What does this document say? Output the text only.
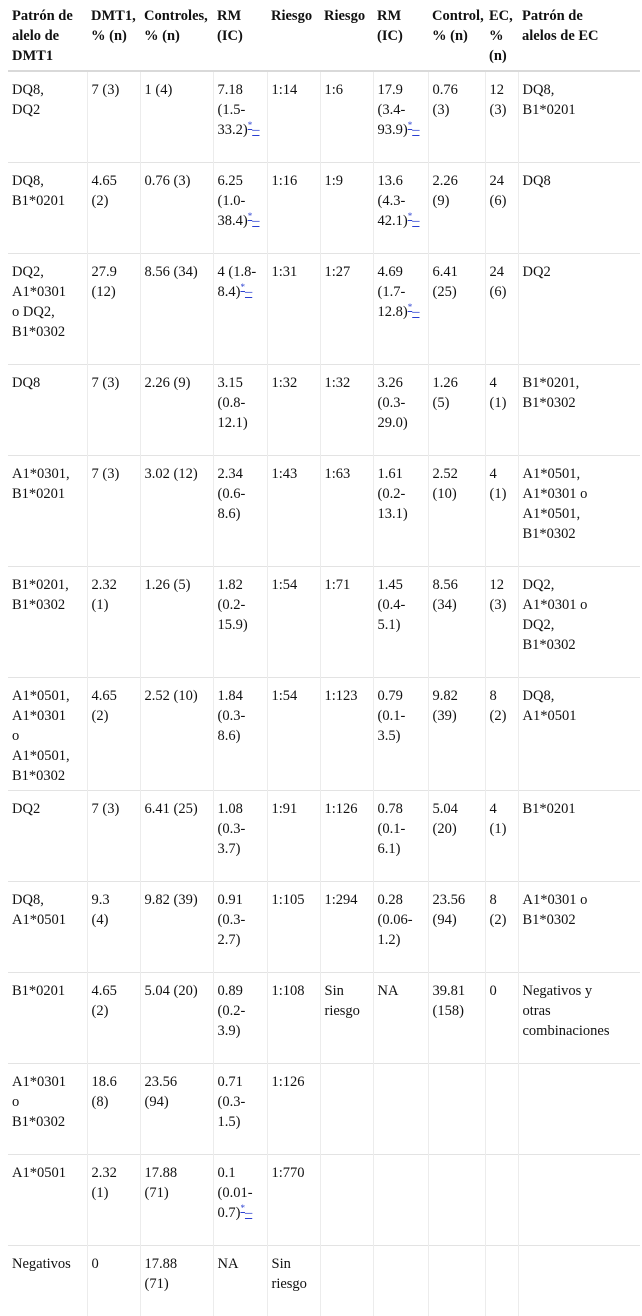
Patrón de
alelo de
DMT1	DMT1,
% (n)	Controles,
% (n)	RM
(IC)	Riesgo	Riesgo	RM
(IC)	Control,
% (n)	EC,
%
(n)	Patrón de
alelos de EC

DQ8,
DQ2	7 (3)	1 (4)	7.18
(1.5-
33.2)*–	1:14	1:6	17.9
(3.4-
93.9)*–	0.76
(3)	12
(3)	DQ8,
B1*0201

DQ8,
B1*0201	4.65
(2)	0.76 (3)	6.25
(1.0-
38.4)*–	1:16	1:9	13.6
(4.3-
42.1)*–	2.26
(9)	24
(6)	DQ8

DQ2,
A1*0301
o DQ2,
B1*0302	27.9
(12)	8.56 (34)	4 (1.8-
8.4)*–	1:31	1:27	4.69
(1.7-
12.8)*–	6.41
(25)	24
(6)	DQ2

DQ8	7 (3)	2.26 (9)	3.15
(0.8-
12.1)	1:32	1:32	3.26
(0.3-
29.0)	1.26
(5)	4
(1)	B1*0201,
B1*0302

A1*0301,
B1*0201	7 (3)	3.02 (12)	2.34
(0.6-
8.6)	1:43	1:63	1.61
(0.2-
13.1)	2.52
(10)	4
(1)	A1*0501,
A1*0301 o
A1*0501,
B1*0302

B1*0201,
B1*0302	2.32
(1)	1.26 (5)	1.82
(0.2-
15.9)	1:54	1:71	1.45
(0.4-
5.1)	8.56
(34)	12
(3)	DQ2,
A1*0301 o
DQ2,
B1*0302

A1*0501,
A1*0301
o
A1*0501,
B1*0302	4.65
(2)	2.52 (10)	1.84
(0.3-
8.6)	1:54	1:123	0.79
(0.1-
3.5)	9.82
(39)	8
(2)	DQ8,
A1*0501

DQ2	7 (3)	6.41 (25)	1.08
(0.3-
3.7)	1:91	1:126	0.78
(0.1-
6.1)	5.04
(20)	4
(1)	B1*0201

DQ8,
A1*0501	9.3
(4)	9.82 (39)	0.91
(0.3-
2.7)	1:105	1:294	0.28
(0.06-
1.2)	23.56
(94)	8
(2)	A1*0301 o
B1*0302

B1*0201	4.65
(2)	5.04 (20)	0.89
(0.2-
3.9)	1:108	Sin
riesgo	NA	39.81
(158)	0	Negativos y
otras
combinaciones

A1*0301
o
B1*0302	18.6
(8)	23.56
(94)	0.71
(0.3-
1.5)	1:126					

A1*0501	2.32
(1)	17.88
(71)	0.1
(0.01-
0.7)*–	1:770					

Negativos	0	17.88
(71)	NA	Sin
riesgo					
